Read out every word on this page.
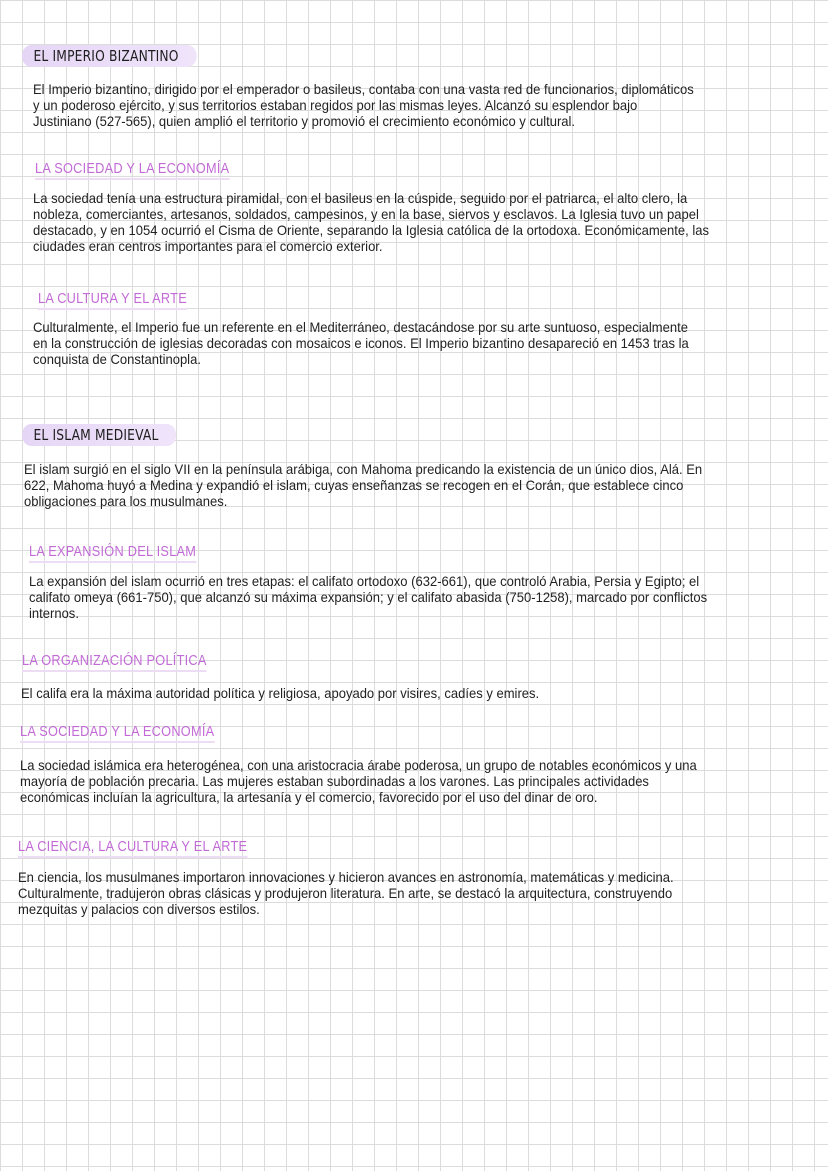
EL IMPERIO BIZANTINO
El Imperio bizantino, dirigido por el emperador o basileus, contaba con una vasta red de funcionarios, diplomáticos
y un poderoso ejército, y sus territorios estaban regidos por las mismas leyes. Alcanzó su esplendor bajo
Justiniano (527-565), quien amplió el territorio y promovió el crecimiento económico y cultural.
LA SOCIEDAD Y LA ECONOMÍA
La sociedad tenía una estructura piramidal, con el basileus en la cúspide, seguido por el patriarca, el alto clero, la
nobleza, comerciantes, artesanos, soldados, campesinos, y en la base, siervos y esclavos. La Iglesia tuvo un papel
destacado, y en 1054 ocurrió el Cisma de Oriente, separando la Iglesia católica de la ortodoxa. Económicamente, las
ciudades eran centros importantes para el comercio exterior.
LA CULTURA Y EL ARTE
Culturalmente, el Imperio fue un referente en el Mediterráneo, destacándose por su arte suntuoso, especialmente
en la construcción de iglesias decoradas con mosaicos e iconos. El Imperio bizantino desapareció en 1453 tras la
conquista de Constantinopla.
EL ISLAM MEDIEVAL
El islam surgió en el siglo VII en la península arábiga, con Mahoma predicando la existencia de un único dios, Alá. En
622, Mahoma huyó a Medina y expandió el islam, cuyas enseñanzas se recogen en el Corán, que establece cinco
obligaciones para los musulmanes.
LA EXPANSIÓN DEL ISLAM
La expansión del islam ocurrió en tres etapas: el califato ortodoxo (632-661), que controló Arabia, Persia y Egipto; el
califato omeya (661-750), que alcanzó su máxima expansión; y el califato abasida (750-1258), marcado por conflictos
internos.
LA ORGANIZACIÓN POLÍTICA
El califa era la máxima autoridad política y religiosa, apoyado por visires, cadíes y emires.
LA SOCIEDAD Y LA ECONOMÍA
La sociedad islámica era heterogénea, con una aristocracia árabe poderosa, un grupo de notables económicos y una
mayoría de población precaria. Las mujeres estaban subordinadas a los varones. Las principales actividades
económicas incluían la agricultura, la artesanía y el comercio, favorecido por el uso del dinar de oro.
LA CIENCIA, LA CULTURA Y EL ARTE
En ciencia, los musulmanes importaron innovaciones y hicieron avances en astronomía, matemáticas y medicina.
Culturalmente, tradujeron obras clásicas y produjeron literatura. En arte, se destacó la arquitectura, construyendo
mezquitas y palacios con diversos estilos.
